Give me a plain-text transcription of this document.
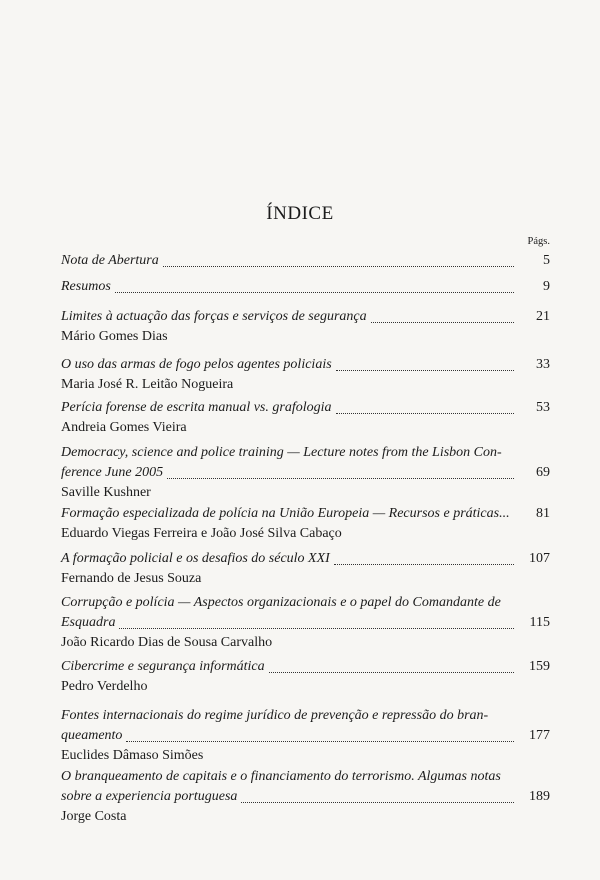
ÍNDICE
Págs.
Nota de Abertura	5
Resumos	9
Limites à actuação das forças e serviços de segurança	21
Mário Gomes Dias
O uso das armas de fogo pelos agentes policiais	33
Maria José R. Leitão Nogueira
Perícia forense de escrita manual vs. grafologia	53
Andreia Gomes Vieira
Democracy, science and police training — Lecture notes from the Lisbon Con-
ference June 2005	69
Saville Kushner
Formação especializada de polícia na União Europeia — Recursos e práticas...	81
Eduardo Viegas Ferreira e João José Silva Cabaço
A formação policial e os desafios do século XXI	107
Fernando de Jesus Souza
Corrupção e polícia — Aspectos organizacionais e o papel do Comandante de
Esquadra	115
João Ricardo Dias de Sousa Carvalho
Cibercrime e segurança informática	159
Pedro Verdelho
Fontes internacionais do regime jurídico de prevenção e repressão do bran-
queamento	177
Euclides Dâmaso Simões
O branqueamento de capitais e o financiamento do terrorismo. Algumas notas
sobre a experiencia portuguesa	189
Jorge Costa
